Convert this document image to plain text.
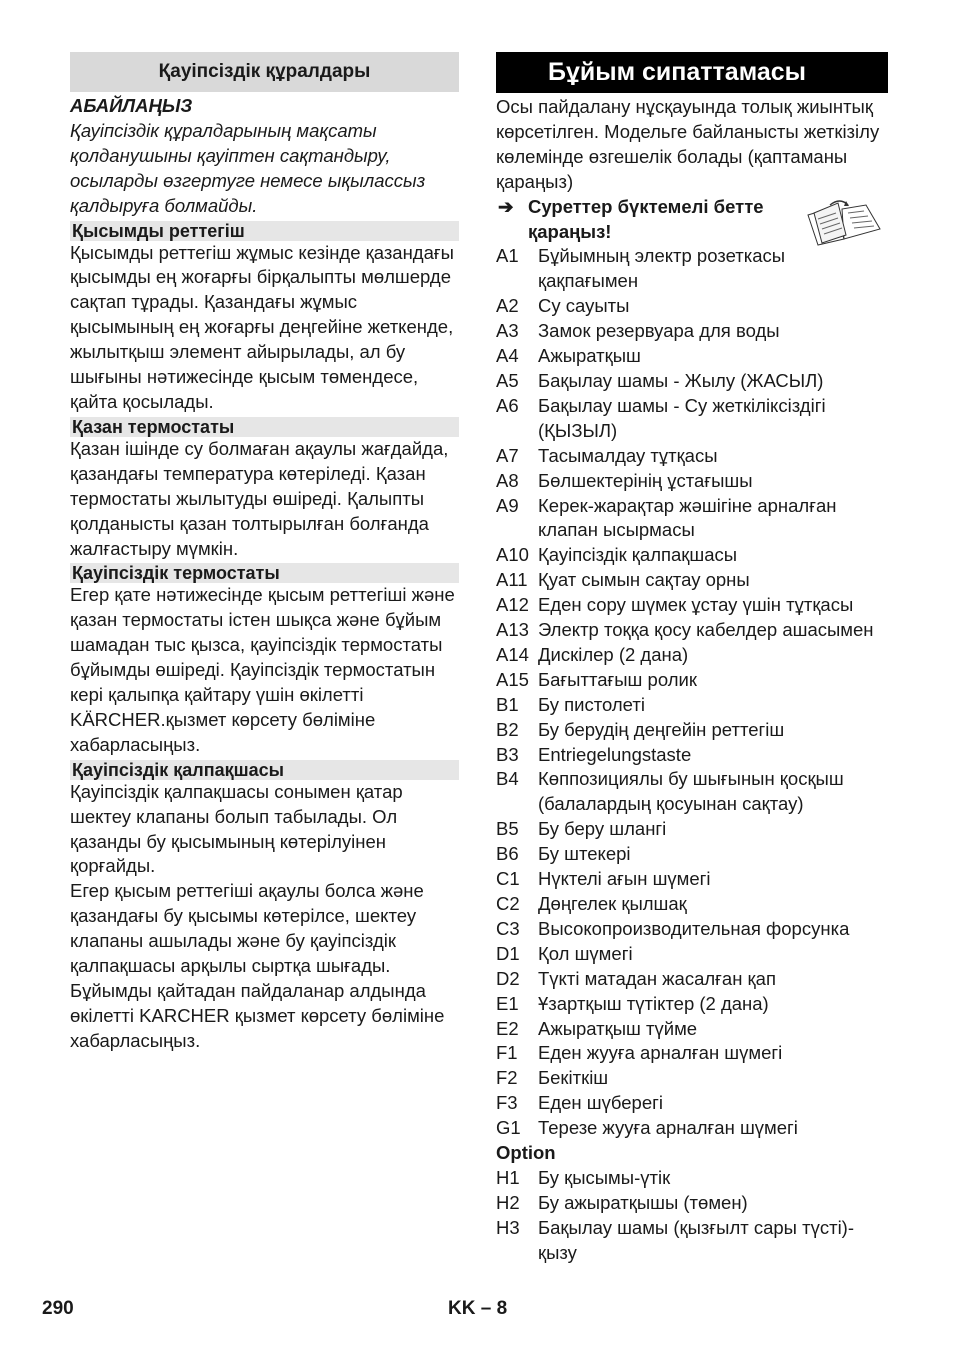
Қауіпсіздік құралдары
АБАЙЛАҢЫЗ

Қауіпсіздік құралдарының мақсаты қолданушыны қауіптен сақтандыру, осыларды өзгертуге немесе ықылассыз қалдыруға болмайды.

Қысымды реттегіш

Қысымды реттегіш жұмыс кезінде қазандағы қысымды ең жоғарғы бірқалыпты мөлшерде сақтап тұрады. Қазандағы жұмыс қысымының ең жоғарғы деңгейіне жеткенде, жылытқыш элемент айырылады, ал бу шығыны нәтижесінде қысым төмендесе, қайта қосылады.

Қазан термостаты

Қазан ішінде су болмаған ақаулы жағдайда, қазандағы температура көтеріледі. Қазан термостаты жылытуды өшіреді. Қалыпты қолданысты қазан толтырылған болғанда жалғастыру мүмкін.

Қауіпсіздік термостаты

Егер қате нәтижесінде қысым реттегіші және қазан термостаты істен шықса және бұйым шамадан тыс қызса, қауіпсіздік термостаты бұйымды өшіреді. Қауіпсіздік термостатын кері қалыпқа қайтару үшін өкілетті KÄRCHER.қызмет көрсету бөліміне хабарласыңыз.

Қауіпсіздік қалпақшасы

Қауіпсіздік қалпақшасы сонымен қатар шектеу клапаны болып табылады. Ол қазанды бу қысымының көтерілуінен қорғайды.

Егер қысым реттегіші ақаулы болса және қазандағы бу қысымы көтерілсе, шектеу клапаны ашылады және бу қауіпсіздік қалпақшасы арқылы сыртқа шығады. Бұйымды қайтадан пайдаланар алдында өкілетті KARCHER қызмет көрсету бөліміне хабарласыңыз.

Бұйым сипаттамасы

Осы пайдалану нұсқауында толық жиынтық көрсетілген. Модельге байланысты жеткізілу көлемінде өзгешелік болады (қаптаманы қараңыз)

➔ Суреттер бүктемелі бетте қараңыз!
A1	Бұйымның электр розеткасы қақпағымен
A2	Су сауыты
A3	Замок резервуара для воды
A4	Ажыратқыш
A5	Бақылау шамы - Жылу (ЖАСЫЛ)
A6	Бақылау шамы - Су жеткіліксіздігі (ҚЫЗЫЛ)
A7	Тасымалдау тұтқасы
A8	Бөлшектерінің ұстағышы
A9	Керек-жарақтар жәшігіне арналған клапан ысырмасы
A10 Қауіпсіздік қалпақшасы
A11 Қуат сымын сақтау орны
A12 Еден сору шүмек ұстау үшін тұтқасы
A13 Электр тоққа қосу кабелдер ашасымен
A14 Дискілер (2 дана)
A15 Бағыттағыш ролик
B1	Бу пистолеті
B2	Бу берудің деңгейін реттегіш
B3	Entriegelungstaste
B4	Көппозициялы бу шығынын қосқыш (балалардың қосуынан сақтау)
B5	Бу беру шлангі
B6	Бу штекері
C1 Нүктелі ағын шүмегі
C2 Дөңгелек қылшақ
C3 Высокопроизводительная форсунка
D1 Қол шүмегі
D2 Түкті матадан жасалған қап
E1	Ұзартқыш түтіктер (2 дана)
E2	Ажыратқыш түйме
F1	Еден жууға арналған шүмегі
F2	Бекіткіш
F3	Еден шүберегі
G1 Терезе жууға арналған шүмегі
Option
H1 Бу қысымы-үтік
H2 Бу ажыратқышы (төмен)
H3 Бақылау шамы (қызғылт сары түсті)-қызу
290	KK – 8
